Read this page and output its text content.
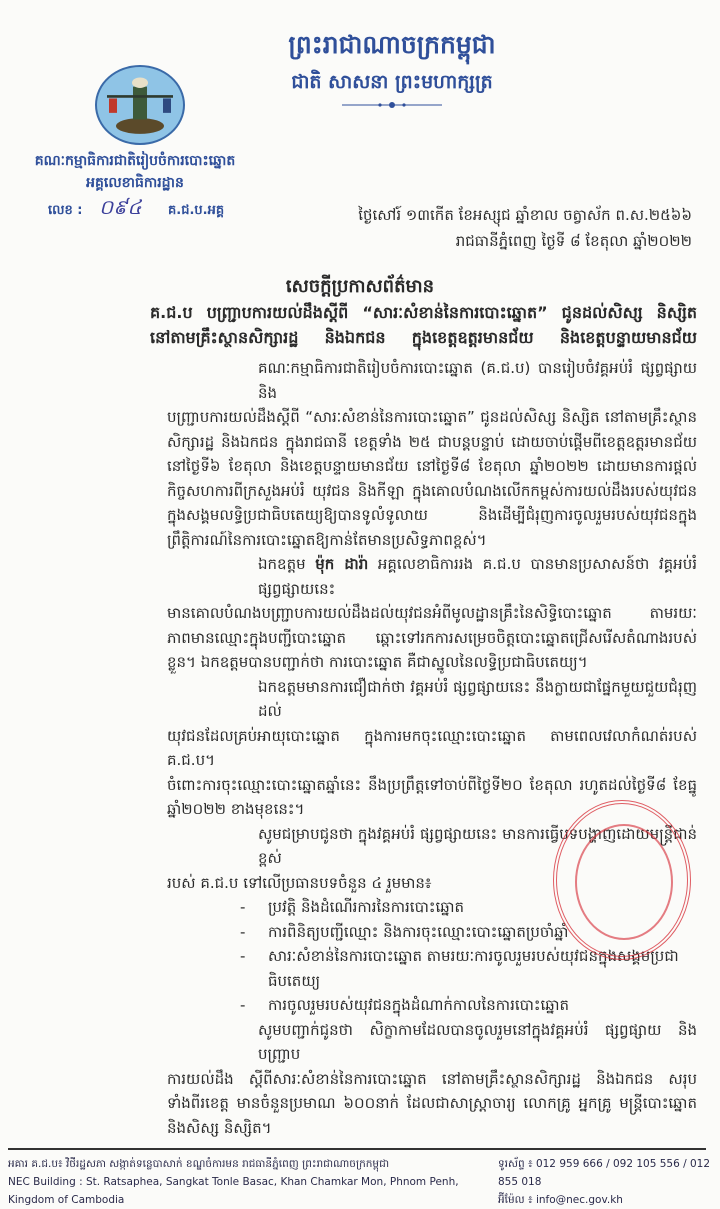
ព្រះរាជាណាចក្រកម្ពុជា
ជាតិ សាសនា ព្រះមហាក្សត្រ
គណៈកម្មាធិការជាតិរៀបចំការបោះឆ្នោត
អគ្គលេខាធិការដ្ឋាន
លេខ : ០៩៤ គ.ជ.ប.អគ្គ	ថ្ងៃសៅរ៍ ១៣កើត ខែអស្សុជ ឆ្នាំខាល ចត្វាស័ក ព.ស.២៥៦៦
រាជធានីភ្នំពេញ ថ្ងៃទី ៨ ខែតុលា ឆ្នាំ២០២២
សេចក្តីប្រកាសព័ត៌មាន
គ.ជ.ប បញ្ជ្រាបការយល់ដឹងស្តីពី “សារៈសំខាន់នៃការបោះឆ្នោត” ជូនដល់សិស្ស និស្សិត
នៅតាមគ្រឹះស្ថានសិក្សារដ្ឋ និងឯកជន ក្នុងខេត្តឧត្តរមានជ័យ និងខេត្តបន្ទាយមានជ័យ
គណៈកម្មាធិការជាតិរៀបចំការបោះឆ្នោត (គ.ជ.ប) បានរៀបចំវគ្គអប់រំ ផ្សព្វផ្សាយ និង
បញ្ជ្រាបការយល់ដឹងស្តីពី “សារៈសំខាន់នៃការបោះឆ្នោត” ជូនដល់សិស្ស និស្សិត នៅតាមគ្រឹះស្ថាន
សិក្សារដ្ឋ និងឯកជន ក្នុងរាជធានី ខេត្តទាំង ២៥ ជាបន្តបន្ទាប់ ដោយចាប់ផ្តើមពីខេត្តឧត្តរមានជ័យ
នៅថ្ងៃទី៦ ខែតុលា និងខេត្តបន្ទាយមានជ័យ នៅថ្ងៃទី៨ ខែតុលា ឆ្នាំ២០២២ ដោយមានការផ្តល់
កិច្ចសហការពីក្រសួងអប់រំ យុវជន និងកីឡា ក្នុងគោលបំណងលើកកម្ពស់ការយល់ដឹងរបស់យុវជន
ក្នុងសង្គមលទ្ធិប្រជាធិបតេយ្យឱ្យបានទូលំទូលាយ និងដើម្បីជំរុញការចូលរួមរបស់យុវជនក្នុង
ព្រឹត្តិការណ៍នៃការបោះឆ្នោតឱ្យកាន់តែមានប្រសិទ្ធភាពខ្ពស់។
ឯកឧត្តម ម៉ុក ដារ៉ា អគ្គលេខាធិការរង គ.ជ.ប បានមានប្រសាសន៍ថា វគ្គអប់រំ ផ្សព្វផ្សាយនេះ
មានគោលបំណងបញ្ជ្រាបការយល់ដឹងដល់យុវជនអំពីមូលដ្ឋានគ្រឹះនៃសិទ្ធិបោះឆ្នោត តាមរយៈ
ភាពមានឈ្មោះក្នុងបញ្ជីបោះឆ្នោត ឆ្ពោះទៅរកការសម្រេចចិត្តបោះឆ្នោតជ្រើសរើសតំណាងរបស់
ខ្លួន។ ឯកឧត្តមបានបញ្ជាក់ថា ការបោះឆ្នោត គឺជាស្នូលនៃលទ្ធិប្រជាធិបតេយ្យ។
ឯកឧត្តមមានការជឿជាក់ថា វគ្គអប់រំ ផ្សព្វផ្សាយនេះ នឹងក្លាយជាផ្នែកមួយជួយជំរុញដល់
យុវជនដែលគ្រប់អាយុបោះឆ្នោត ក្នុងការមកចុះឈ្មោះបោះឆ្នោត តាមពេលវេលាកំណត់របស់ គ.ជ.ប។
ចំពោះការចុះឈ្មោះបោះឆ្នោតឆ្នាំនេះ នឹងប្រព្រឹត្តទៅចាប់ពីថ្ងៃទី២០ ខែតុលា រហូតដល់ថ្ងៃទី៨ ខែធ្នូ
ឆ្នាំ២០២២ ខាងមុខនេះ។
សូមជម្រាបជូនថា ក្នុងវគ្គអប់រំ ផ្សព្វផ្សាយនេះ មានការធ្វើបទបង្ហាញដោយមន្ត្រីជាន់ខ្ពស់
របស់ គ.ជ.ប ទៅលើប្រធានបទចំនួន ៤ រួមមាន៖
-	ប្រវត្តិ និងដំណើរការនៃការបោះឆ្នោត
-	ការពិនិត្យបញ្ជីឈ្មោះ និងការចុះឈ្មោះបោះឆ្នោតប្រចាំឆ្នាំ
-	សារៈសំខាន់នៃការបោះឆ្នោត តាមរយៈការចូលរួមរបស់យុវជនក្នុងសង្គមប្រជាធិបតេយ្យ
-	ការចូលរួមរបស់យុវជនក្នុងដំណាក់កាលនៃការបោះឆ្នោត
សូមបញ្ជាក់ជូនថា សិក្ខាកាមដែលបានចូលរួមនៅក្នុងវគ្គអប់រំ ផ្សព្វផ្សាយ និងបញ្ជ្រាប
ការយល់ដឹង ស្តីពីសារៈសំខាន់នៃការបោះឆ្នោត នៅតាមគ្រឹះស្ថានសិក្សារដ្ឋ និងឯកជន សរុប
ទាំងពីរខេត្ត មានចំនួនប្រមាណ ៦០០នាក់ ដែលជាសាស្ត្រាចារ្យ លោកគ្រូ អ្នកគ្រូ មន្ត្រីបោះឆ្នោត
និងសិស្ស និស្សិត។
អគារ គ.ជ.ប៖ វិថីរដ្ឋសភា សង្កាត់ទន្លេបាសាក់ ខណ្ឌចំការមន រាជធានីភ្នំពេញ ព្រះរាជាណាចក្រកម្ពុជា
NEC Building : St. Ratsaphea, Sangkat Tonle Basac, Khan Chamkar Mon, Phnom Penh, Kingdom of Cambodia
ទូរស័ព្ទ ៖ 012 959 666 / 092 105 556 / 012 855 018
អ៊ីម៉ែល ៖ info@nec.gov.kh
